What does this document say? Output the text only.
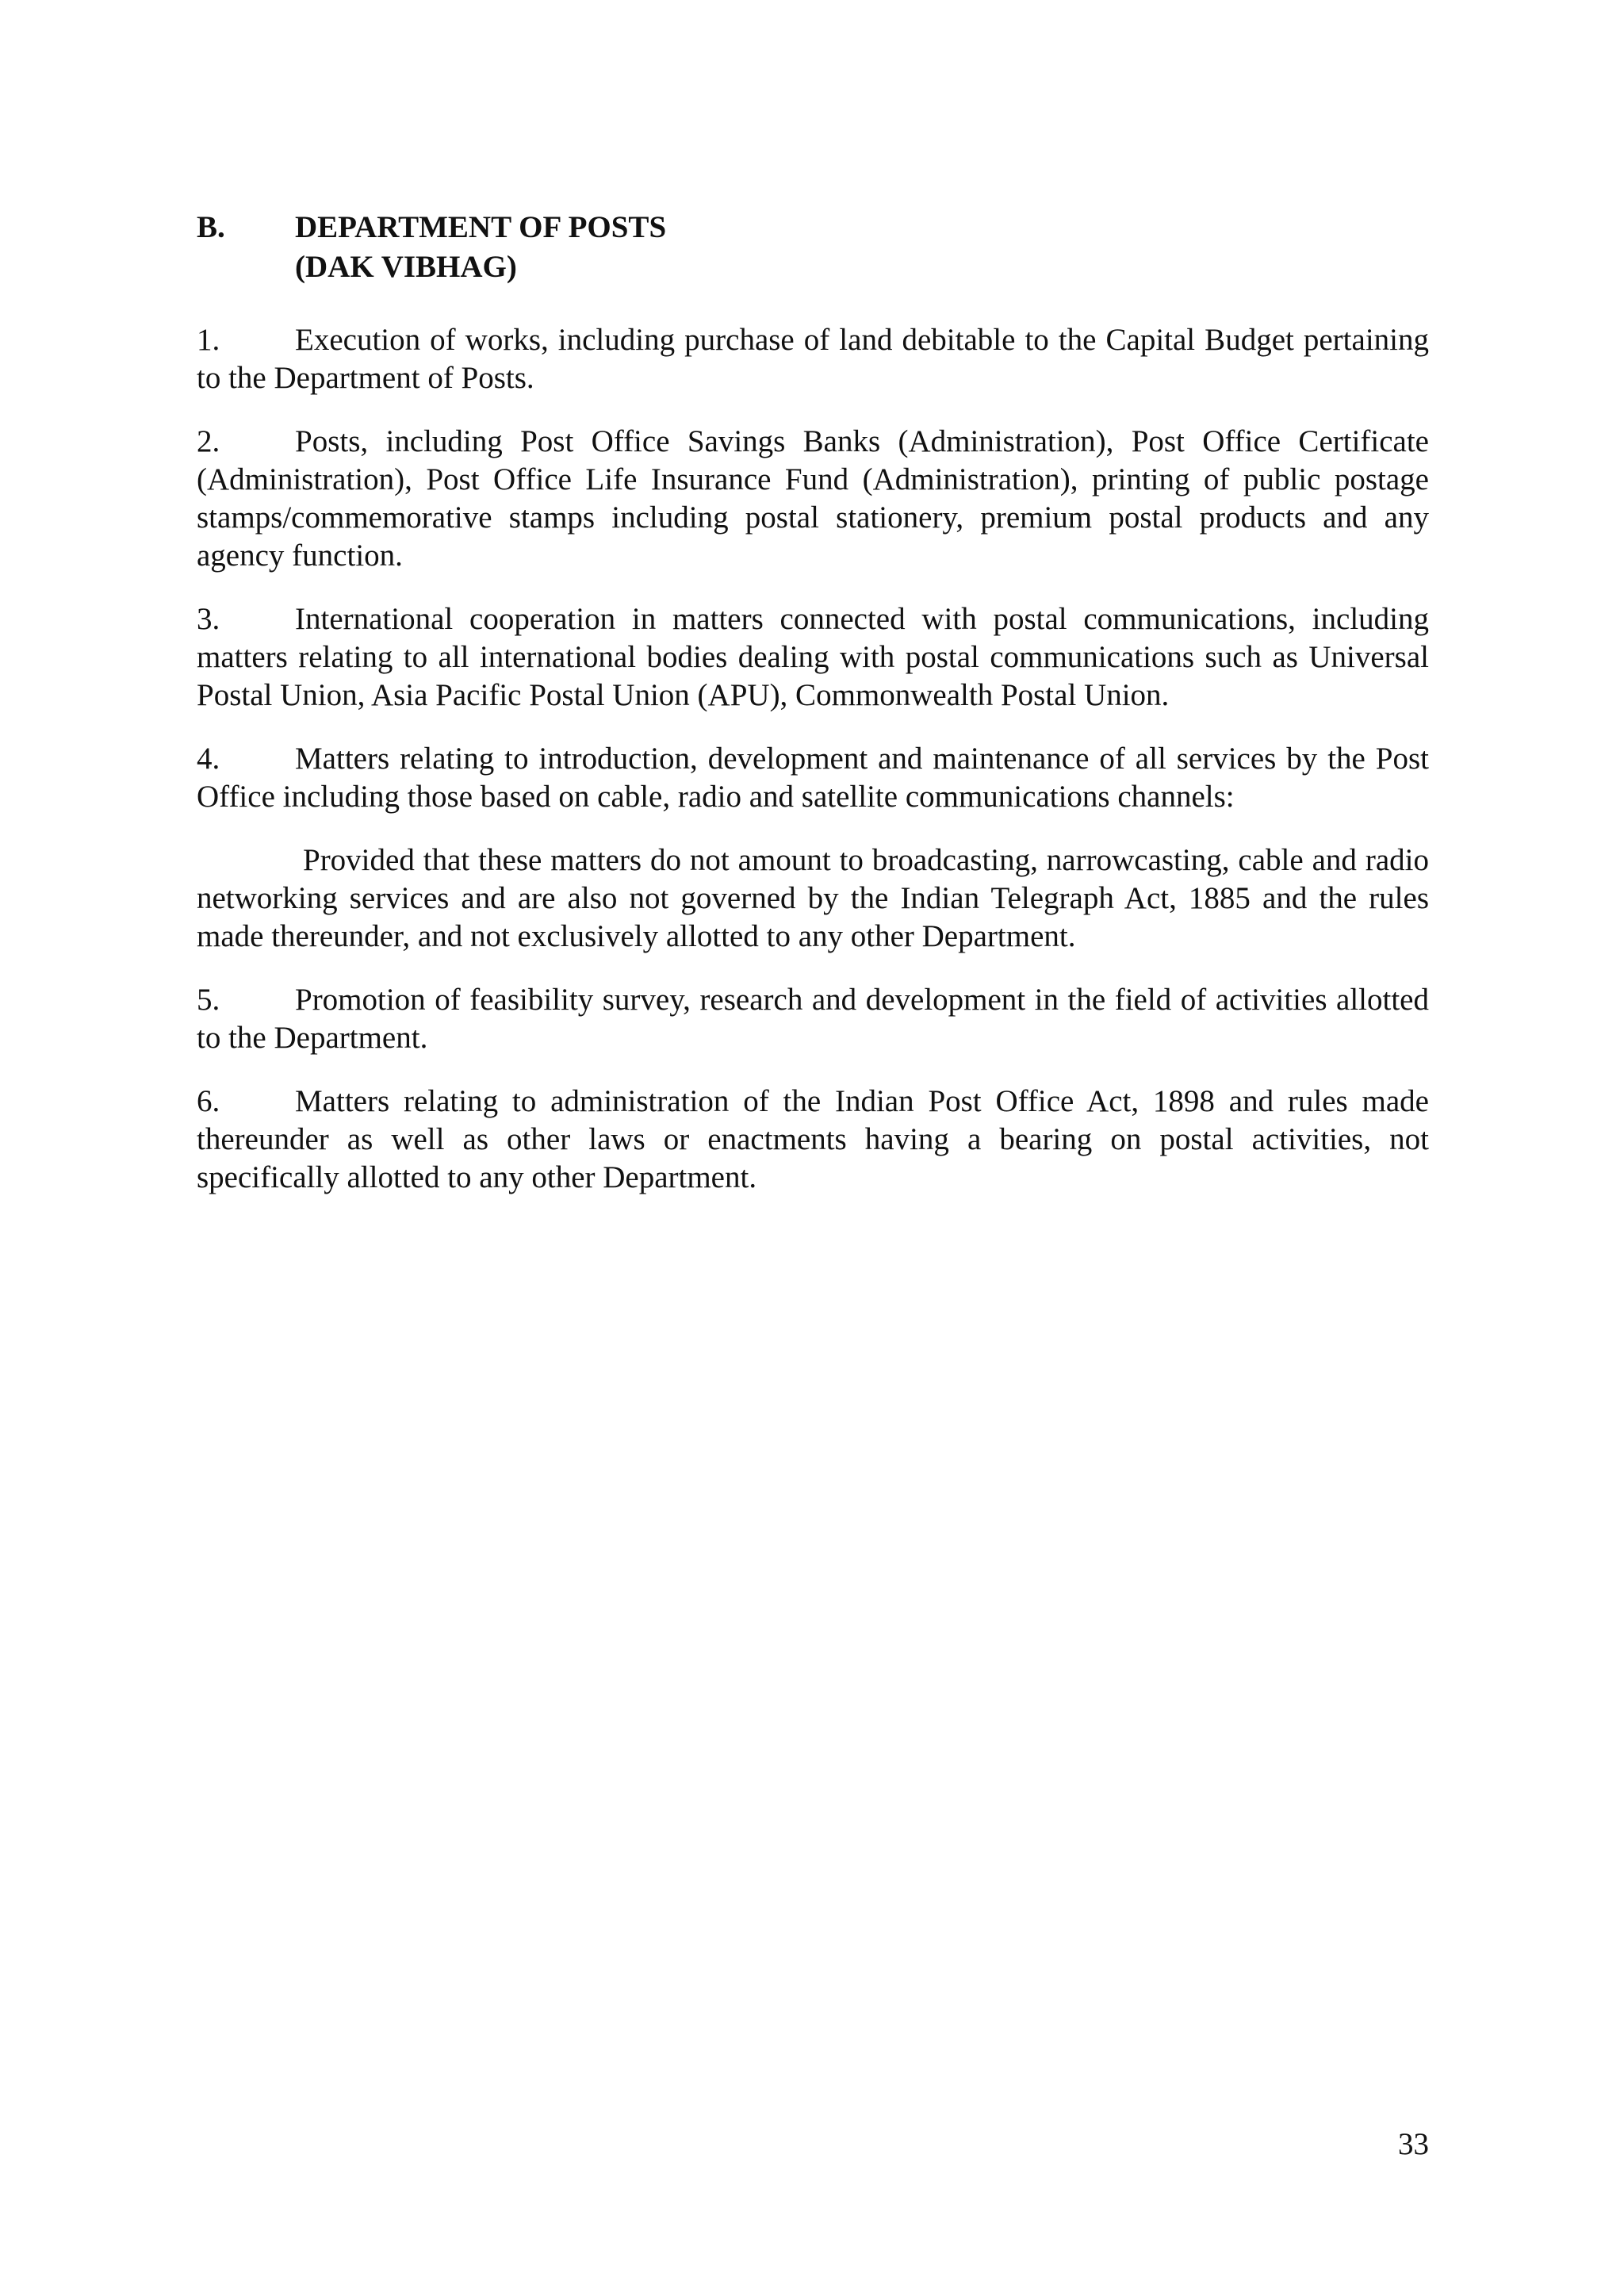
B. DEPARTMENT OF POSTS
(DAK VIBHAG)

1. Execution of works, including purchase of land debitable to the Capital Budget pertaining to the Department of Posts.

2. Posts, including Post Office Savings Banks (Administration), Post Office Certificate (Administration), Post Office Life Insurance Fund (Administration), printing of public postage stamps/commemorative stamps including postal stationery, premium postal products and any agency function.

3. International cooperation in matters connected with postal communications, including matters relating to all international bodies dealing with postal communications such as Universal Postal Union, Asia Pacific Postal Union (APU), Commonwealth Postal Union.

4. Matters relating to introduction, development and maintenance of all services by the Post Office including those based on cable, radio and satellite communications channels:

Provided that these matters do not amount to broadcasting, narrowcasting, cable and radio networking services and are also not governed by the Indian Telegraph Act, 1885 and the rules made thereunder, and not exclusively allotted to any other Department.

5. Promotion of feasibility survey, research and development in the field of activities allotted to the Department.

6. Matters relating to administration of the Indian Post Office Act, 1898 and rules made thereunder as well as other laws or enactments having a bearing on postal activities, not specifically allotted to any other Department.

33
